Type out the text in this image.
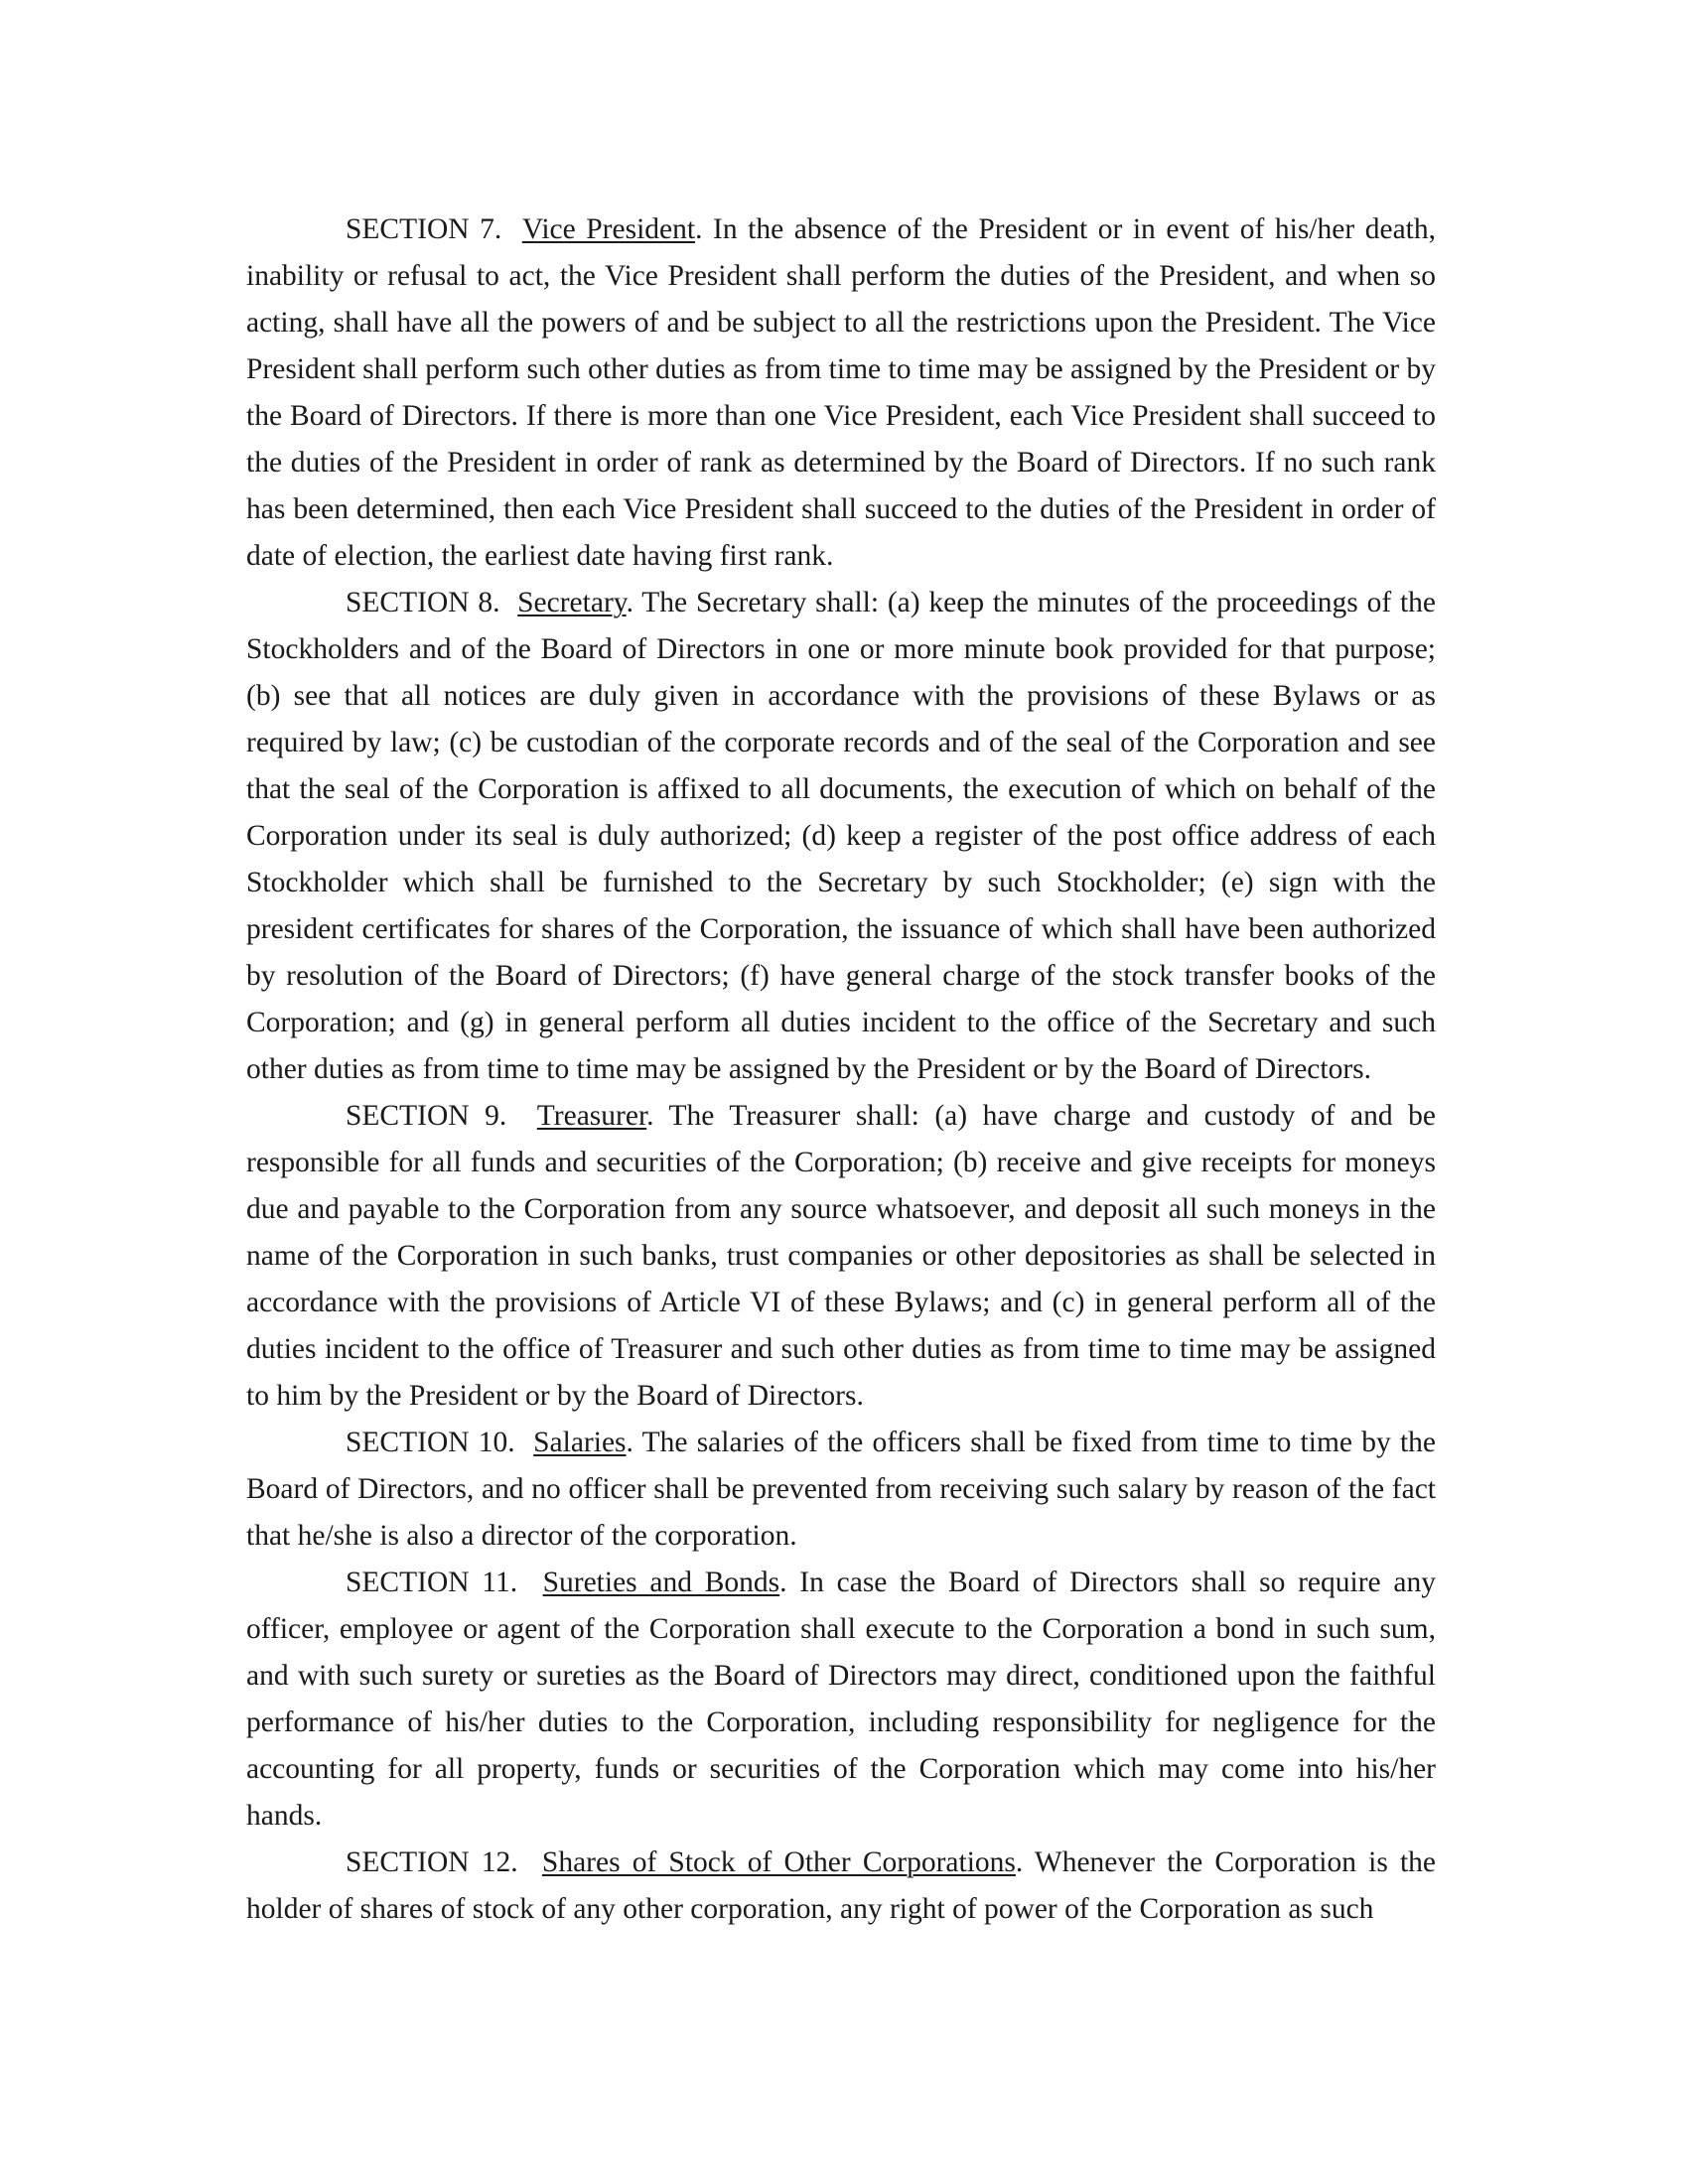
SECTION 7. Vice President. In the absence of the President or in event of his/her death, inability or refusal to act, the Vice President shall perform the duties of the President, and when so acting, shall have all the powers of and be subject to all the restrictions upon the President. The Vice President shall perform such other duties as from time to time may be assigned by the President or by the Board of Directors. If there is more than one Vice President, each Vice President shall succeed to the duties of the President in order of rank as determined by the Board of Directors. If no such rank has been determined, then each Vice President shall succeed to the duties of the President in order of date of election, the earliest date having first rank.

SECTION 8. Secretary. The Secretary shall: (a) keep the minutes of the proceedings of the Stockholders and of the Board of Directors in one or more minute book provided for that purpose; (b) see that all notices are duly given in accordance with the provisions of these Bylaws or as required by law; (c) be custodian of the corporate records and of the seal of the Corporation and see that the seal of the Corporation is affixed to all documents, the execution of which on behalf of the Corporation under its seal is duly authorized; (d) keep a register of the post office address of each Stockholder which shall be furnished to the Secretary by such Stockholder; (e) sign with the president certificates for shares of the Corporation, the issuance of which shall have been authorized by resolution of the Board of Directors; (f) have general charge of the stock transfer books of the Corporation; and (g) in general perform all duties incident to the office of the Secretary and such other duties as from time to time may be assigned by the President or by the Board of Directors.

SECTION 9. Treasurer. The Treasurer shall: (a) have charge and custody of and be responsible for all funds and securities of the Corporation; (b) receive and give receipts for moneys due and payable to the Corporation from any source whatsoever, and deposit all such moneys in the name of the Corporation in such banks, trust companies or other depositories as shall be selected in accordance with the provisions of Article VI of these Bylaws; and (c) in general perform all of the duties incident to the office of Treasurer and such other duties as from time to time may be assigned to him by the President or by the Board of Directors.

SECTION 10. Salaries. The salaries of the officers shall be fixed from time to time by the Board of Directors, and no officer shall be prevented from receiving such salary by reason of the fact that he/she is also a director of the corporation.

SECTION 11. Sureties and Bonds. In case the Board of Directors shall so require any officer, employee or agent of the Corporation shall execute to the Corporation a bond in such sum, and with such surety or sureties as the Board of Directors may direct, conditioned upon the faithful performance of his/her duties to the Corporation, including responsibility for negligence for the accounting for all property, funds or securities of the Corporation which may come into his/her hands.

SECTION 12. Shares of Stock of Other Corporations. Whenever the Corporation is the holder of shares of stock of any other corporation, any right of power of the Corporation as such
